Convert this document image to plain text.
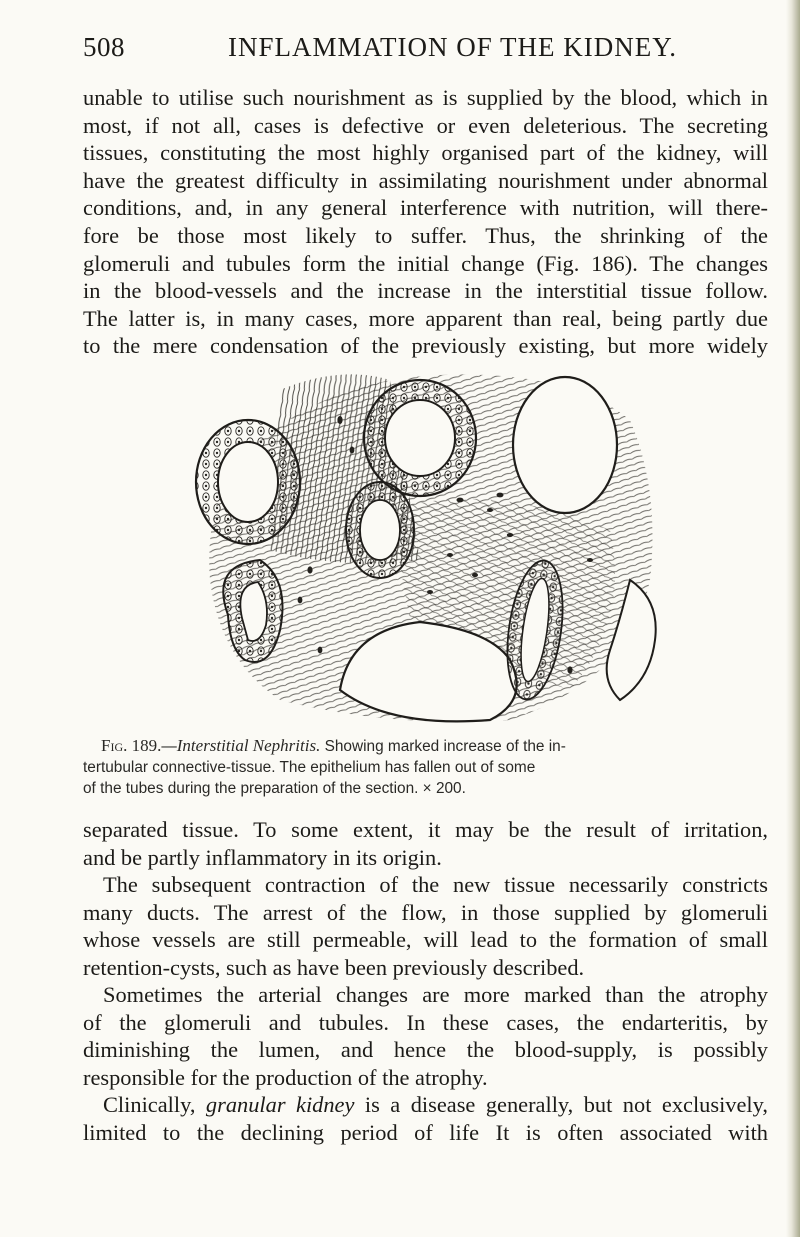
508	INFLAMMATION OF THE KIDNEY.
unable to utilise such nourishment as is supplied by the blood, which in
most, if not all, cases is defective or even deleterious. The secreting
tissues, constituting the most highly organised part of the kidney, will
have the greatest difficulty in assimilating nourishment under abnormal
conditions, and, in any general interference with nutrition, will there-
fore be those most likely to suffer. Thus, the shrinking of the
glomeruli and tubules form the initial change (Fig. 186). The changes
in the blood-vessels and the increase in the interstitial tissue follow.
The latter is, in many cases, more apparent than real, being partly due
to the mere condensation of the previously existing, but more widely
Fig. 189.—Interstitial Nephritis. Showing marked increase of the in-
tertubular connective-tissue. The epithelium has fallen out of some
of the tubes during the preparation of the section. × 200.
separated tissue. To some extent, it may be the result of irritation,
and be partly inflammatory in its origin.
The subsequent contraction of the new tissue necessarily constricts
many ducts. The arrest of the flow, in those supplied by glomeruli
whose vessels are still permeable, will lead to the formation of small
retention-cysts, such as have been previously described.
Sometimes the arterial changes are more marked than the atrophy
of the glomeruli and tubules. In these cases, the endarteritis, by
diminishing the lumen, and hence the blood-supply, is possibly
responsible for the production of the atrophy.
Clinically, granular kidney is a disease generally, but not exclusively,
limited to the declining period of life It is often associated with
